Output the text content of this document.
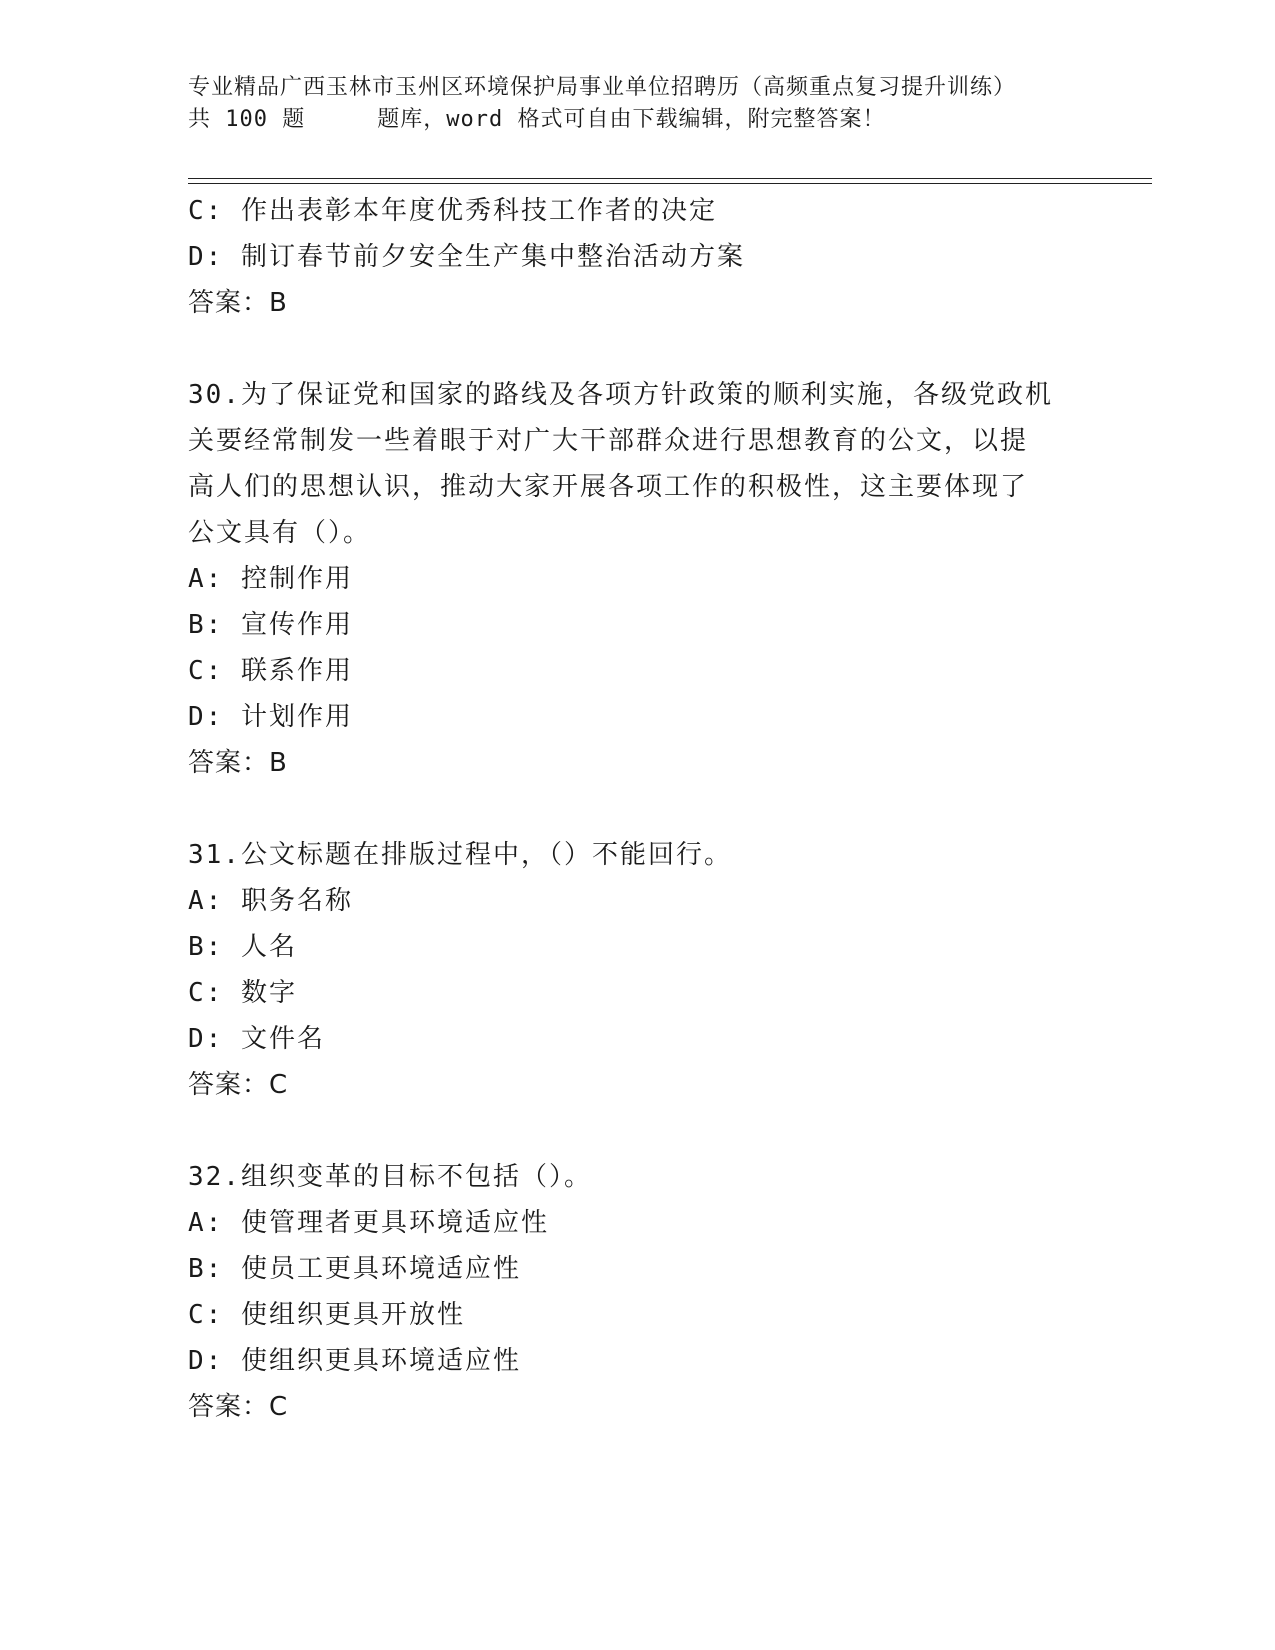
专业精品广西玉林市玉州区环境保护局事业单位招聘历（高频重点复习提升训练）
共 100 题	题库，word 格式可自由下载编辑，附完整答案！
C: 作出表彰本年度优秀科技工作者的决定
D: 制订春节前夕安全生产集中整治活动方案
答案：B
30.为了保证党和国家的路线及各项方针政策的顺利实施，各级党政机
关要经常制发一些着眼于对广大干部群众进行思想教育的公文，以提
高人们的思想认识，推动大家开展各项工作的积极性，这主要体现了
公文具有（）。
A: 控制作用
B: 宣传作用
C: 联系作用
D: 计划作用
答案：B
31.公文标题在排版过程中，（）不能回行。
A: 职务名称
B: 人名
C: 数字
D: 文件名
答案：C
32.组织变革的目标不包括（）。
A: 使管理者更具环境适应性
B: 使员工更具环境适应性
C: 使组织更具开放性
D: 使组织更具环境适应性
答案：C
